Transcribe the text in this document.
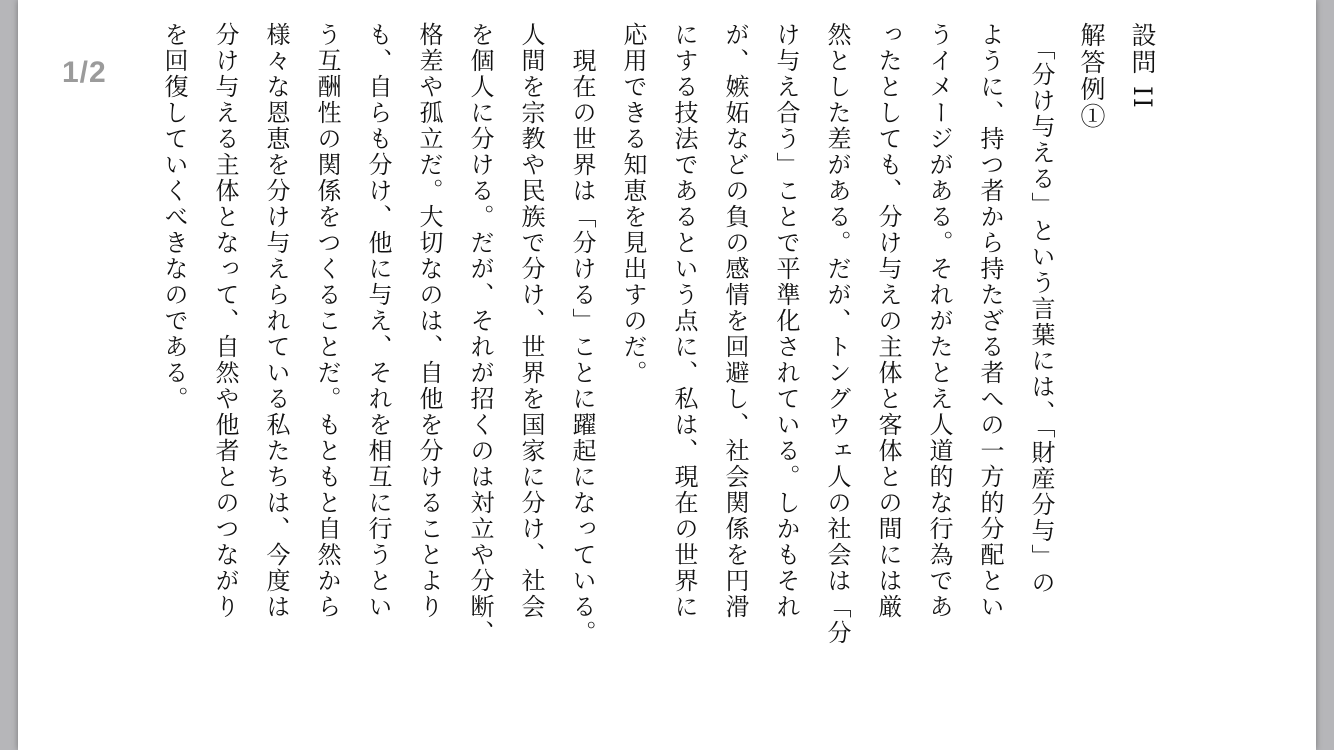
設問 II
解答例①
　「分け与える」という言葉には、「財産分与」の
ように、持つ者から持たざる者への一方的分配とい
うイメージがある。それがたとえ人道的な行為であ
ったとしても、分け与えの主体と客体との間には厳
然とした差がある。だが、トングウェ人の社会は「分
け与え合う」ことで平準化されている。しかもそれ
が、嫉妬などの負の感情を回避し、社会関係を円滑
にする技法であるという点に、私は、現在の世界に
応用できる知恵を見出すのだ。
　現在の世界は「分ける」ことに躍起になっている。
人間を宗教や民族で分け、世界を国家に分け、社会
を個人に分ける。だが、それが招くのは対立や分断、
格差や孤立だ。大切なのは、自他を分けることより
も、自らも分け、他に与え、それを相互に行うとい
う互酬性の関係をつくることだ。もともと自然から
様々な恩恵を分け与えられている私たちは、今度は
分け与える主体となって、自然や他者とのつながり
を回復していくべきなのである。
1/2
